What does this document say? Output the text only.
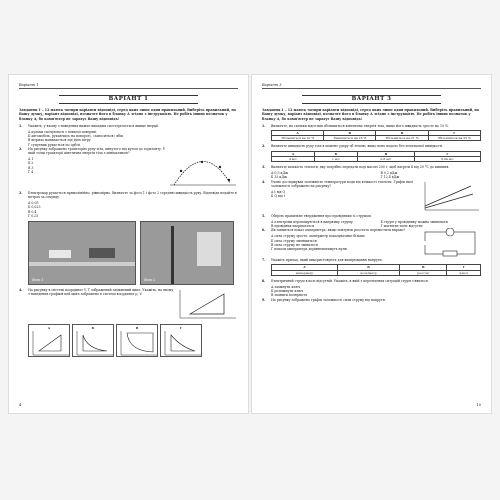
Варіант 1
ВАРІАНТ 1
Завдання 1 – 12 мають чотири варіанти відповіді, серед яких лише один правильний. Виберіть правильний, на Вашу думку, варіант відповіді, позначте його в бланку А згідно з інструкцією. Не робіть інших позначок у бланку А, бо комп'ютер не зарахує Вашу відповідь!
1.	Укажіть, у якому з наведених нижче випадків спостерігається явище інерції.
А кульки скочуються з похилої поверхні
Б автомобіль, рухаючись на повороті, «заноситься» вбік
В вітрило напинається під дією вітру
Г супутник рухається по орбіті
2.	На рисунку зображено траєкторію руху тіла, кинутого під кутом до горизонту. У якій точці траєкторії кінетична енергія тіла є мінімальною?
А 1
Б 2
В 3
Г 4
3.	Електрокар рухається прямолінійно, рівномірно. Визначте за фото 1 і фото 2 середню швидкість руху. Відповідь подайте в метрах за секунду.
А 0,05
Б 0,025
В 0,4
Г 0,25
Фото 1	Фото 2
4.	На рисунку в системі координат V, T зображений замкнений цикл. Укажіть, на якому з наведених графіків цей цикл зображено в системі координат p, V.
А	Б	В	Г
4
Варіант 3
ВАРІАНТ 3
Завдання 1 – 12 мають чотири варіанти відповіді, серед яких лише один правильний. Виберіть правильний, на Вашу думку, варіант відповіді, позначте його в бланку А згідно з інструкцією. Не робіть інших позначок у бланку А, бо комп'ютер не зарахує Вашу відповідь!
1.	Визначте, на скільки відсотків збільшиться кінетична енергія тіла, якщо його швидкість зросте на 10 %.
А	Б	В	Г
Збільшиться на 10 %	Зменшиться на 25 %	Збільшиться на 21 %	Збільшиться на 25 %
2.	Визначте швидкість руху тіла в момент удару об землю, якщо воно падало без початкової швидкості.
А	Б	В	Г
4 м/с	1 м/с	0,8 м/с	0,04 м/с
3.	Визначте кількість теплоти, яку потрібно передати воді масою 200 г, щоб нагріти її від 20 °С до кипіння.
А 0,3 кДж	В 0,2 кДж
Б 33 кДж	Г 12,4 кДж
4.	Учень досліджував залежність температури води від кількості теплоти. Графік якої залежності зображено на рисунку?
А t від Q
Б Q від t
5.	Оберіть правильне твердження про провідники зі струмом.
А електрони переміщуються в напрямку струму	Б струм у провіднику можна змінювати
В провідник нагрівається	Г магнітне поле відсутнє
6.	Як зміниться показ амперметра, якщо повзунок реостата перемістити вправо?
А сила струму зросте, амперметр показуватиме більше
Б сила струму зменшиться
В сила струму не зміниться
Г покази амперметра дорівнюватимуть нулю
7.	Укажіть прилад, який використовують для вимірювання напруги.
А	Б	В	Г
амперметр	вольтметр	реостат	ключ
8.	Електричний струм в колі відсутній. Укажіть, в якій з перелічених ситуацій струм з'явиться.
А замкнути ключ
Б розімкнути ключ
В змінити полярність
9.	На рисунку зображено графік залежності сили струму від напруги.
10
